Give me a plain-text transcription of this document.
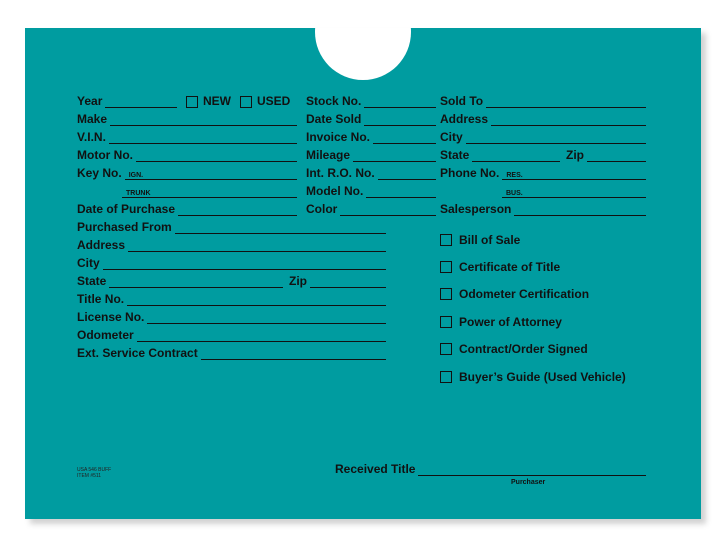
Year	NEW USED
Make
V.I.N.
Motor No.
Key No. IGN.
TRUNK
Date of Purchase
Stock No.
Date Sold
Invoice No.
Mileage
Int. R.O. No.
Model No.
Color
Sold To
Address
City
State	Zip
Phone No. RES.
BUS.
Salesperson
Purchased From
Address
City
State	Zip
Title No.
License No.
Odometer
Ext. Service Contract
Bill of Sale
Certificate of Title
Odometer Certification
Power of Attorney
Contract/Order Signed
Buyer’s Guide (Used Vehicle)
USA 546 BUFF
ITEM #511	Received Title
Purchaser
